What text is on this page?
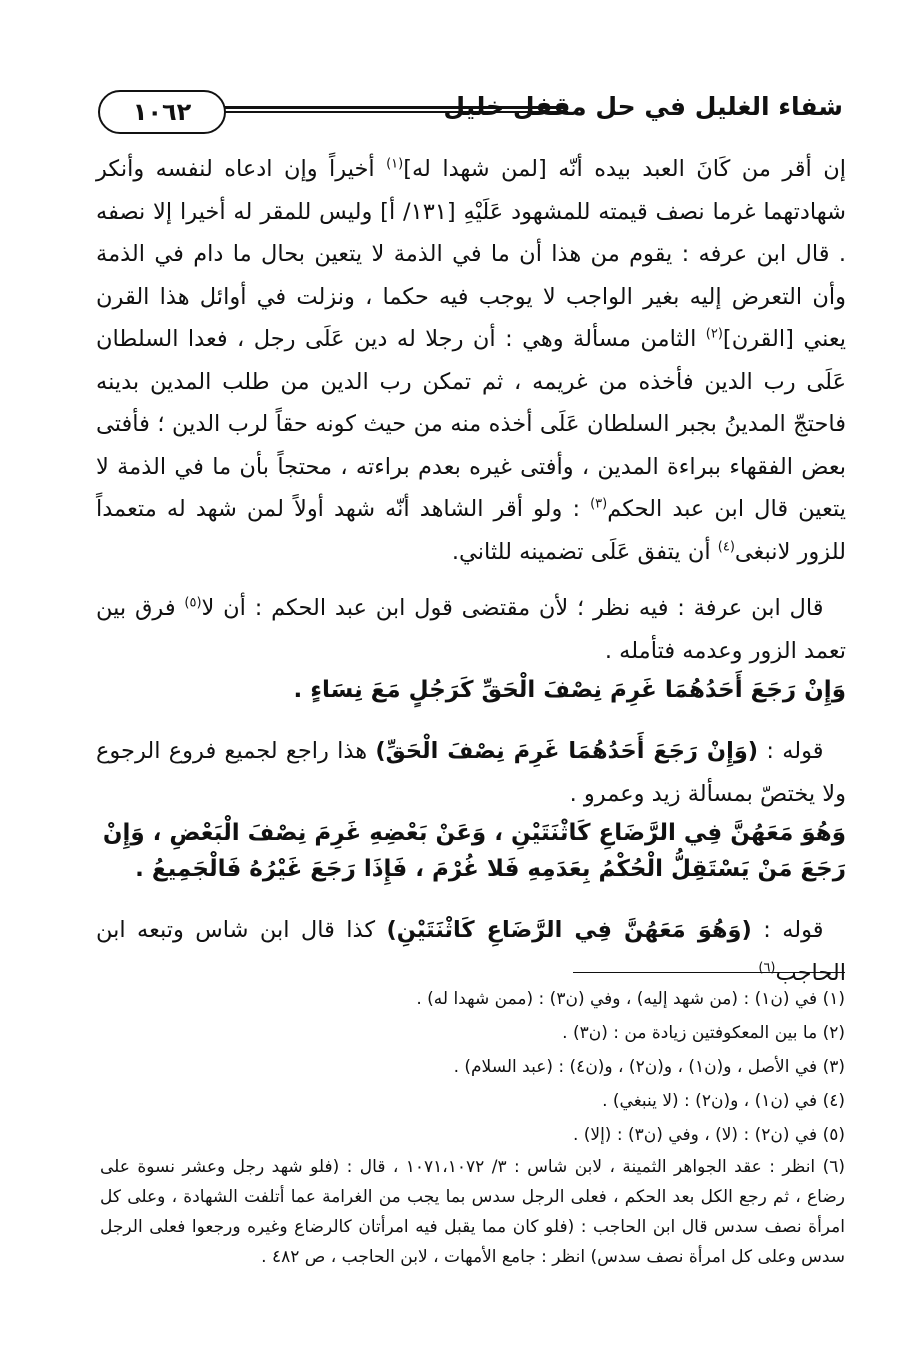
١٠٦٢	شفاء الغليل في حل مقفل خليل

إن أقر من كَانَ العبد بيده أنّه [لمن شهدا له]$^{(١)}$ أخيراً وإن ادعاه لنفسه وأنكر شهادتهما غرما نصف قيمته للمشهود عَلَيْهِ [١٣١/ أ] وليس للمقر له أخيرا إلا نصفه . قال ابن عرفه : يقوم من هذا أن ما في الذمة لا يتعين بحال ما دام في الذمة وأن التعرض إليه بغير الواجب لا يوجب فيه حكما ، ونزلت في أوائل هذا القرن يعني [القرن]$^{(٢)}$ الثامن مسألة وهي : أن رجلا له دين عَلَى رجل ، فعدا السلطان عَلَى رب الدين فأخذه من غريمه ، ثم تمكن رب الدين من طلب المدين بدينه فاحتجّ المدينُ بجبر السلطان عَلَى أخذه منه من حيث كونه حقاً لرب الدين ؛ فأفتى بعض الفقهاء ببراءة المدين ، وأفتى غيره بعدم براءته ، محتجاً بأن ما في الذمة لا يتعين قال ابن عبد الحكم$^{(٣)}$ : ولو أقر الشاهد أنّه شهد أولاً لمن شهد له متعمداً للزور لانبغى$^{(٤)}$ أن يتفق عَلَى تضمينه للثاني.

 قال ابن عرفة : فيه نظر ؛ لأن مقتضى قول ابن عبد الحكم : أن لا$^{(٥)}$ فرق بين تعمد الزور وعدمه فتأمله .

وَإِنْ رَجَعَ أَحَدُهُمَا غَرِمَ نِصْفَ الْحَقِّ كَرَجُلٍ مَعَ نِسَاءٍ .

 قوله : (وَإِنْ رَجَعَ أَحَدُهُمَا غَرِمَ نِصْفَ الْحَقِّ) هذا راجع لجميع فروع الرجوع ولا يختصّ بمسألة زيد وعمرو .

وَهُوَ مَعَهُنَّ فِي الرَّضَاعِ كَاثْنَتَيْنِ ، وَعَنْ بَعْضِهِ غَرِمَ نِصْفَ الْبَعْضِ ، وَإِنْ رَجَعَ مَنْ يَسْتَقِلُّ الْحُكْمُ بِعَدَمِهِ فَلا غُرْمَ ، فَإِذَا رَجَعَ غَيْرُهُ فَالْجَمِيعُ .

 قوله : (وَهُوَ مَعَهُنَّ فِي الرَّضَاعِ كَاثْنَتَيْنِ) كذا قال ابن شاس وتبعه ابن الحاجب$^{(٦)}$

(١) في (ن١) : (من شهد إليه) ، وفي (ن٣) : (ممن شهدا له) .

(٢) ما بين المعكوفتين زيادة من : (ن٣) .

(٣) في الأصل ، و(ن١) ، و(ن٢) ، و(ن٤) : (عبد السلام) .

(٤) في (ن١) ، و(ن٢) : (لا ينبغي) .

(٥) في (ن٢) : (لا) ، وفي (ن٣) : (إلا) .

(٦) انظر : عقد الجواهر الثمينة ، لابن شاس : ٣/ ١٠٧١،١٠٧٢ ، قال : (فلو شهد رجل وعشر نسوة على رضاع ، ثم رجع الكل بعد الحكم ، فعلى الرجل سدس بما يجب من الغرامة عما أتلفت الشهادة ، وعلى كل امرأة نصف سدس قال ابن الحاجب : (فلو كان مما يقبل فيه امرأتان كالرضاع وغيره ورجعوا فعلى الرجل سدس وعلى كل امرأة نصف سدس) انظر : جامع الأمهات ، لابن الحاجب ، ص ٤٨٢ .
